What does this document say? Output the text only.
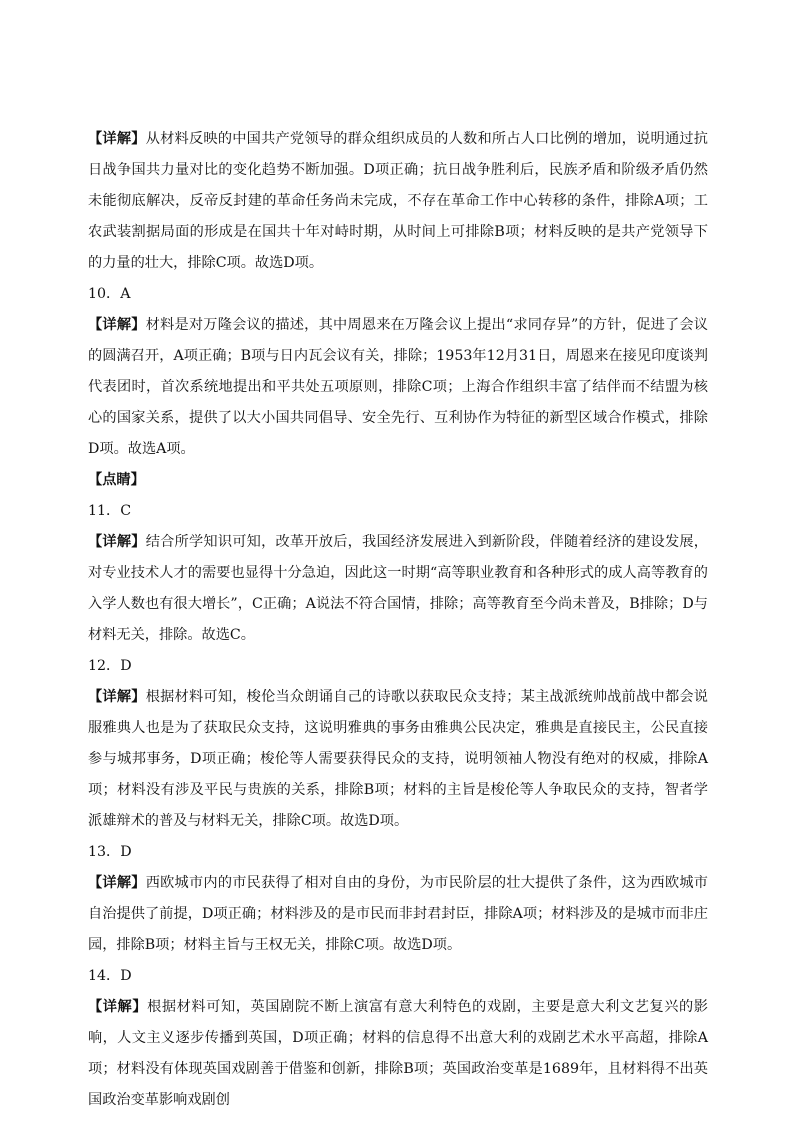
【详解】从材料反映的中国共产党领导的群众组织成员的人数和所占人口比例的增加，说明通过抗日战争国共力量对比的变化趋势不断加强。D项正确；抗日战争胜利后，民族矛盾和阶级矛盾仍然未能彻底解决，反帝反封建的革命任务尚未完成，不存在革命工作中心转移的条件，排除A项；工农武装割据局面的形成是在国共十年对峙时期，从时间上可排除B项；材料反映的是共产党领导下的力量的壮大，排除C项。故选D项。

10．A

【详解】材料是对万隆会议的描述，其中周恩来在万隆会议上提出“求同存异”的方针，促进了会议的圆满召开，A项正确；B项与日内瓦会议有关，排除；1953年12月31日，周恩来在接见印度谈判代表团时，首次系统地提出和平共处五项原则，排除C项；上海合作组织丰富了结伴而不结盟为核心的国家关系，提供了以大小国共同倡导、安全先行、互利协作为特征的新型区域合作模式，排除D项。故选A项。

【点睛】

11．C

【详解】结合所学知识可知，改革开放后，我国经济发展进入到新阶段，伴随着经济的建设发展，对专业技术人才的需要也显得十分急迫，因此这一时期“高等职业教育和各种形式的成人高等教育的入学人数也有很大增长”，C正确；A说法不符合国情，排除；高等教育至今尚未普及，B排除；D与材料无关，排除。故选C。

12．D

【详解】根据材料可知，梭伦当众朗诵自己的诗歌以获取民众支持；某主战派统帅战前战中都会说服雅典人也是为了获取民众支持，这说明雅典的事务由雅典公民决定，雅典是直接民主，公民直接参与城邦事务，D项正确；梭伦等人需要获得民众的支持，说明领袖人物没有绝对的权威，排除A项；材料没有涉及平民与贵族的关系，排除B项；材料的主旨是梭伦等人争取民众的支持，智者学派雄辩术的普及与材料无关，排除C项。故选D项。

13．D

【详解】西欧城市内的市民获得了相对自由的身份，为市民阶层的壮大提供了条件，这为西欧城市自治提供了前提，D项正确；材料涉及的是市民而非封君封臣，排除A项；材料涉及的是城市而非庄园，排除B项；材料主旨与王权无关，排除C项。故选D项。

14．D

【详解】根据材料可知，英国剧院不断上演富有意大利特色的戏剧，主要是意大利文艺复兴的影响，人文主义逐步传播到英国，D项正确；材料的信息得不出意大利的戏剧艺术水平高超，排除A项；材料没有体现英国戏剧善于借鉴和创新，排除B项；英国政治变革是1689年，且材料得不出英国政治变革影响戏剧创
